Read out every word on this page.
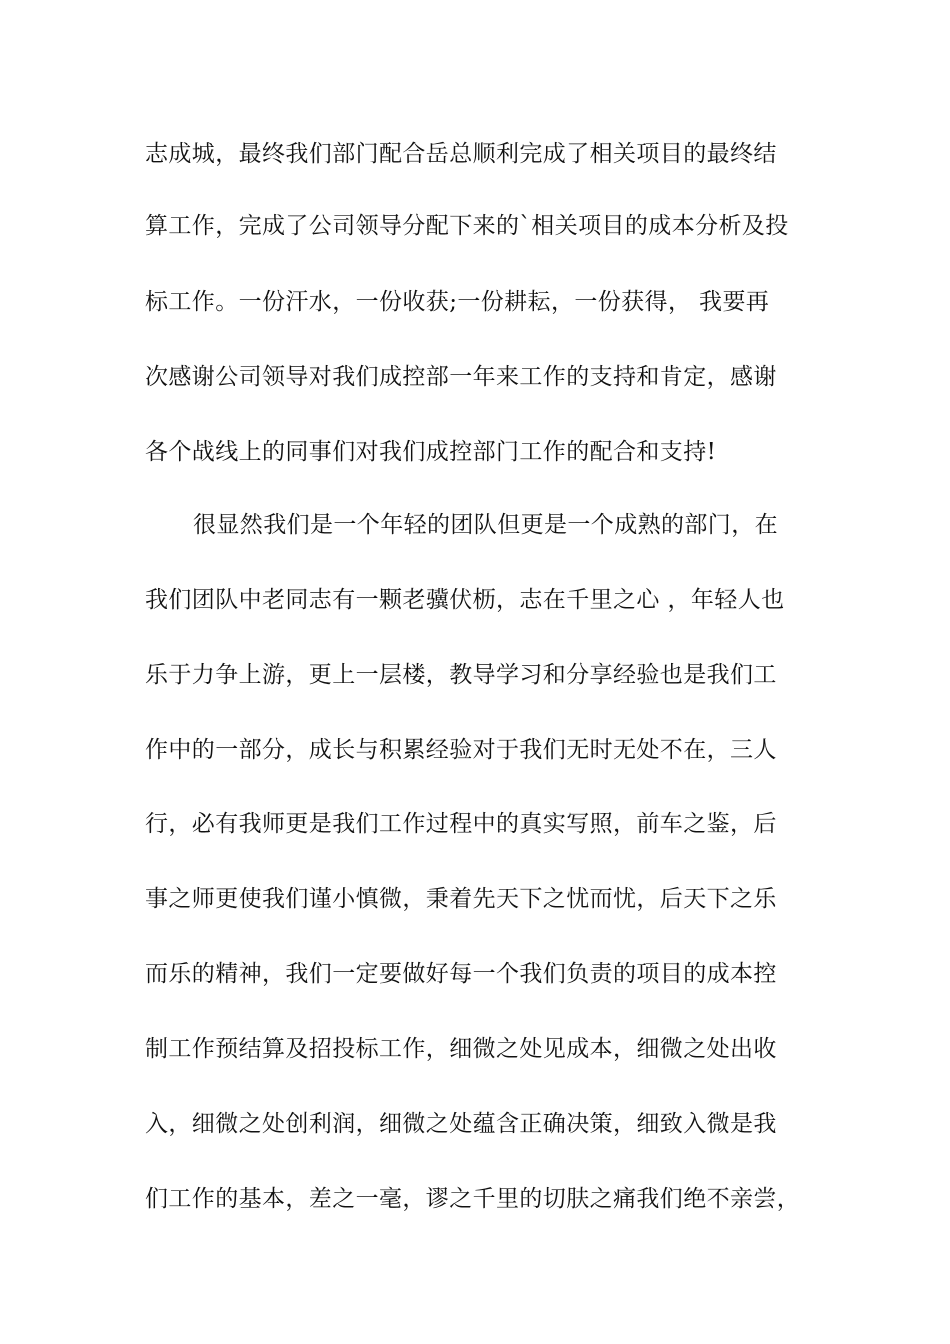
志成城，最终我们部门配合岳总顺利完成了相关项目的最终结
算工作，完成了公司领导分配下来的`相关项目的成本分析及投
标工作。一份汗水，一份收获;一份耕耘，一份获得， 我要再
次感谢公司领导对我们成控部一年来工作的支持和肯定，感谢
各个战线上的同事们对我们成控部门工作的配合和支持!
很显然我们是一个年轻的团队但更是一个成熟的部门，在
我们团队中老同志有一颗老骥伏枥，志在千里之心 ，年轻人也
乐于力争上游，更上一层楼，教导学习和分享经验也是我们工
作中的一部分，成长与积累经验对于我们无时无处不在，三人
行，必有我师更是我们工作过程中的真实写照，前车之鉴，后
事之师更使我们谨小慎微，秉着先天下之忧而忧，后天下之乐
而乐的精神，我们一定要做好每一个我们负责的项目的成本控
制工作预结算及招投标工作，细微之处见成本，细微之处出收
入，细微之处创利润，细微之处蕴含正确决策，细致入微是我
们工作的基本，差之一毫，谬之千里的切肤之痛我们绝不亲尝，
